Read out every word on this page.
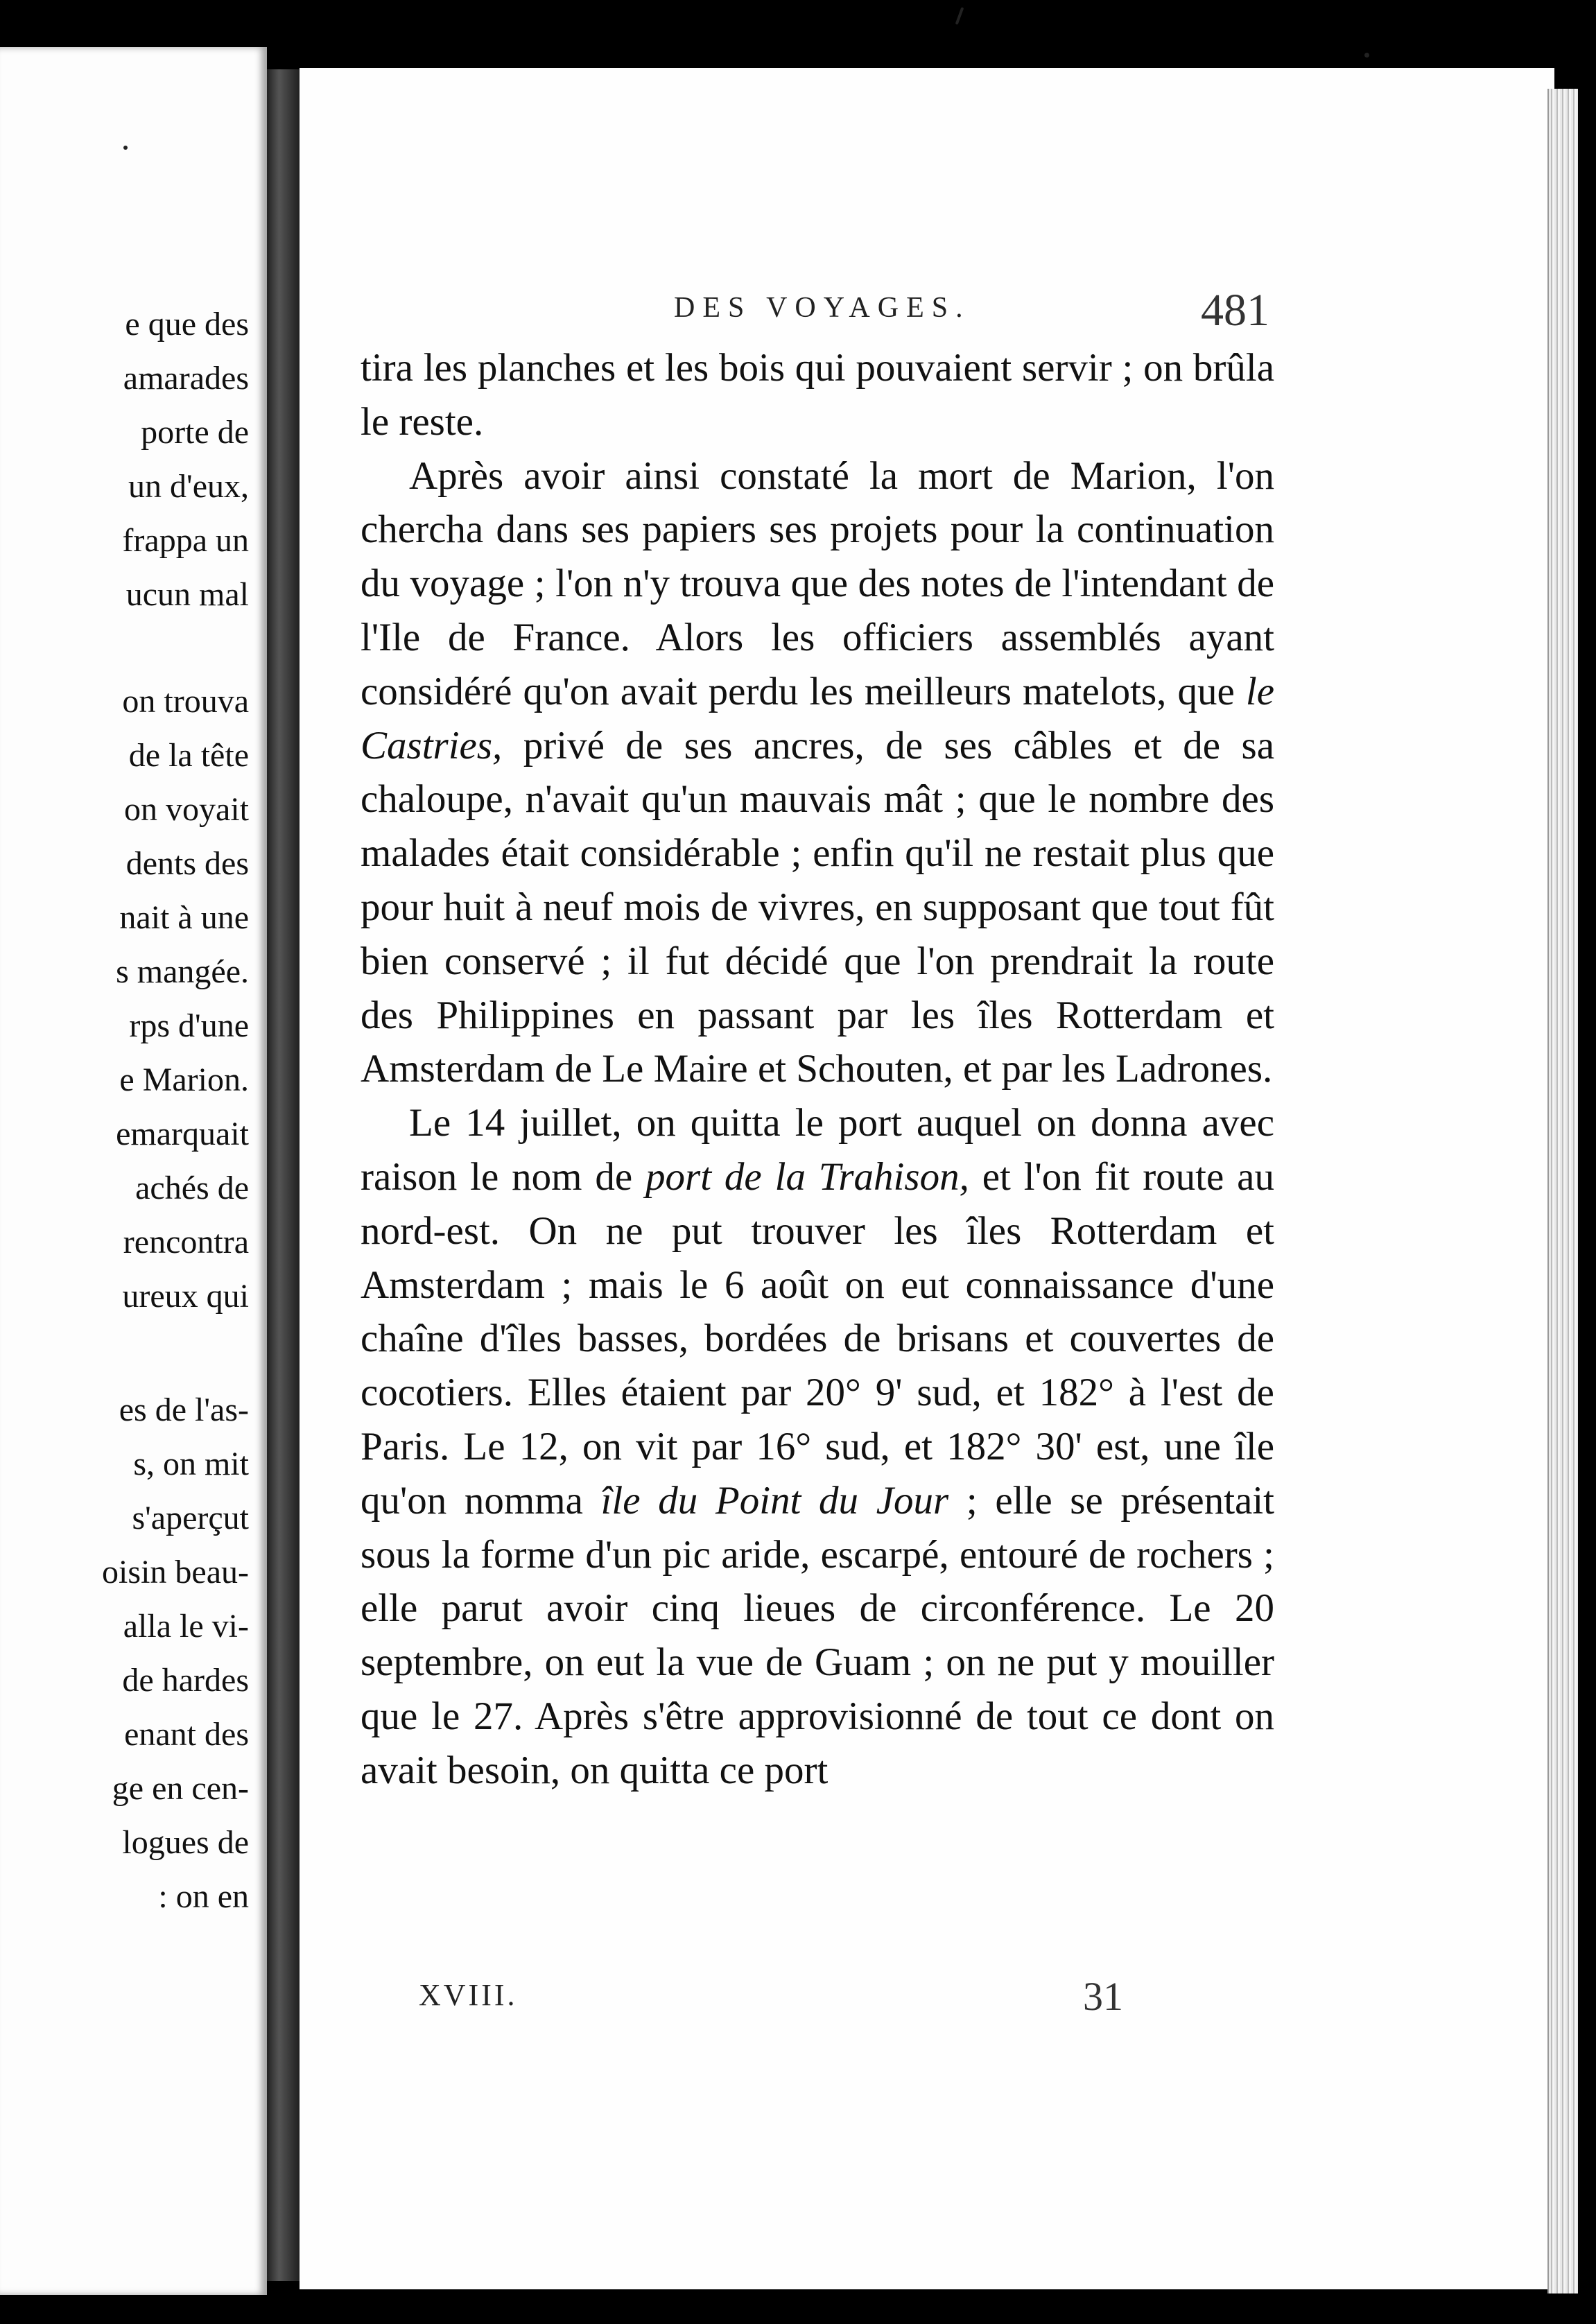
e que des
amarades
porte de
un d'eux,
frappa un
ucun mal
on trouva
de la tête
on voyait
dents des
nait à une
s mangée.
rps d'une
e Marion.
emarquait
achés de
rencontra
ureux qui
es de l'as-
s, on mit
s'aperçut
oisin beau-
alla le vi-
de hardes
enant des
ge en cen-
logues de
: on en
DES VOYAGES.	481

tira les planches et les bois qui pouvaient servir ; on brûla le reste.

Après avoir ainsi constaté la mort de Marion, l'on chercha dans ses papiers ses projets pour la continuation du voyage ; l'on n'y trouva que des notes de l'intendant de l'Ile de France. Alors les officiers assemblés ayant considéré qu'on avait perdu les meilleurs matelots, que le Castries, privé de ses ancres, de ses câbles et de sa chaloupe, n'avait qu'un mauvais mât ; que le nombre des malades était considérable ; enfin qu'il ne restait plus que pour huit à neuf mois de vivres, en supposant que tout fût bien conservé ; il fut décidé que l'on prendrait la route des Philippines en passant par les îles Rotterdam et Amsterdam de Le Maire et Schouten, et par les Ladrones.

Le 14 juillet, on quitta le port auquel on donna avec raison le nom de port de la Trahison, et l'on fit route au nord-est. On ne put trouver les îles Rotterdam et Amsterdam ; mais le 6 août on eut connaissance d'une chaîne d'îles basses, bordées de brisans et couvertes de cocotiers. Elles étaient par 20° 9' sud, et 182° à l'est de Paris. Le 12, on vit par 16° sud, et 182° 30' est, une île qu'on nomma île du Point du Jour ; elle se présentait sous la forme d'un pic aride, escarpé, entouré de rochers ; elle parut avoir cinq lieues de circonférence. Le 20 septembre, on eut la vue de Guam ; on ne put y mouiller que le 27. Après s'être approvisionné de tout ce dont on avait besoin, on quitta ce port

XVIII.	31
